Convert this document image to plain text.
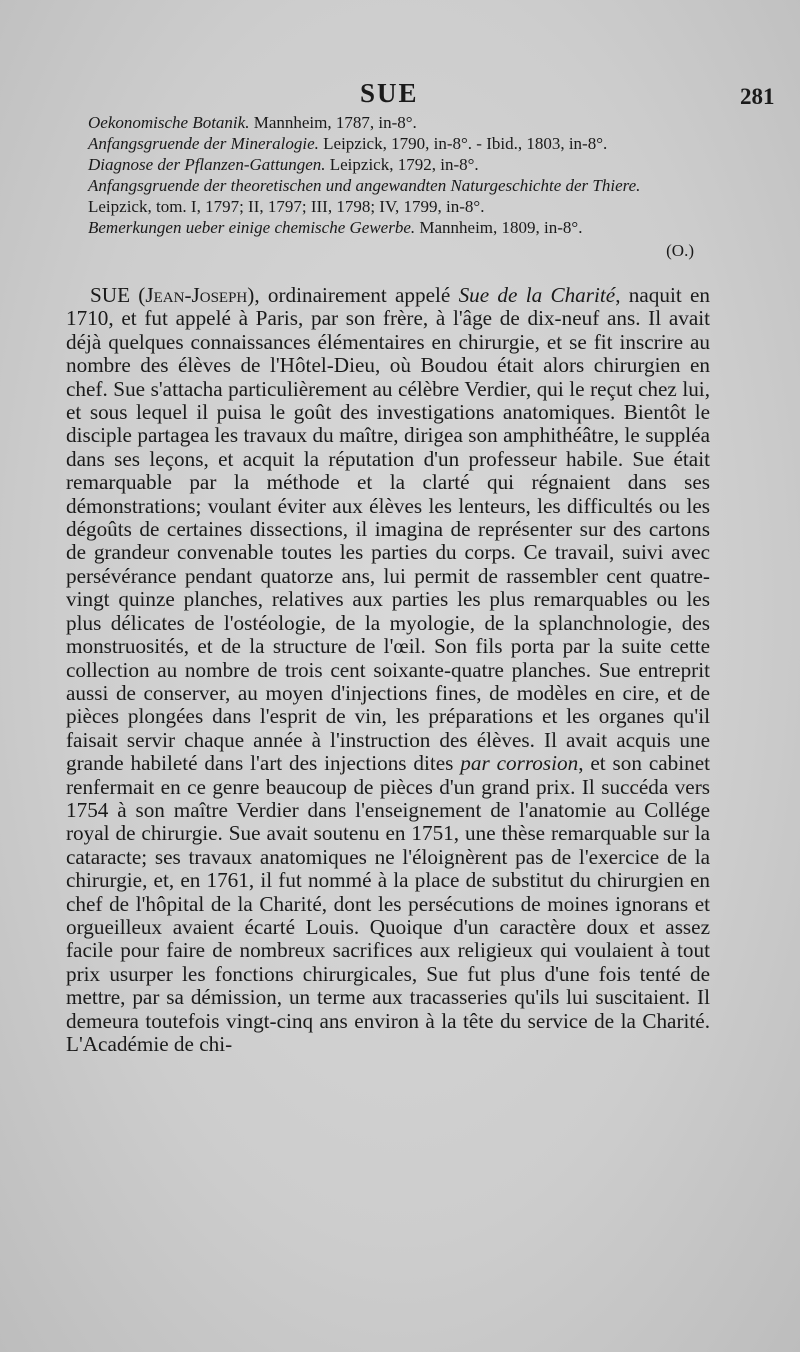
SUE	281

Oekonomische Botanik. Mannheim, 1787, in-8°.

Anfangsgruende der Mineralogie. Leipzick, 1790, in-8°. - Ibid., 1803, in-8°.

Diagnose der Pflanzen-Gattungen. Leipzick, 1792, in-8°.

Anfangsgruende der theoretischen und angewandten Naturgeschichte der Thiere. Leipzick, tom. I, 1797; II, 1797; III, 1798; IV, 1799, in-8°.

Bemerkungen ueber einige chemische Gewerbe. Mannheim, 1809, in-8°.

(O.)

SUE (Jean-Joseph), ordinairement appelé Sue de la Charité, naquit en 1710, et fut appelé à Paris, par son frère, à l'âge de dix-neuf ans. Il avait déjà quelques connaissances élémentaires en chirurgie, et se fit inscrire au nombre des élèves de l'Hôtel-Dieu, où Boudou était alors chirurgien en chef. Sue s'attacha particulièrement au célèbre Verdier, qui le reçut chez lui, et sous lequel il puisa le goût des investigations anatomiques. Bientôt le disciple partagea les travaux du maître, dirigea son amphithéâtre, le suppléa dans ses leçons, et acquit la réputation d'un professeur habile. Sue était remarquable par la méthode et la clarté qui régnaient dans ses démonstrations; voulant éviter aux élèves les lenteurs, les difficultés ou les dégoûts de certaines dissections, il imagina de représenter sur des cartons de grandeur convenable toutes les parties du corps. Ce travail, suivi avec persévérance pendant quatorze ans, lui permit de rassembler cent quatre-vingt quinze planches, relatives aux parties les plus remarquables ou les plus délicates de l'ostéologie, de la myologie, de la splanchnologie, des monstruosités, et de la structure de l'œil. Son fils porta par la suite cette collection au nombre de trois cent soixante-quatre planches. Sue entreprit aussi de conserver, au moyen d'injections fines, de modèles en cire, et de pièces plongées dans l'esprit de vin, les préparations et les organes qu'il faisait servir chaque année à l'instruction des élèves. Il avait acquis une grande habileté dans l'art des injections dites par corrosion, et son cabinet renfermait en ce genre beaucoup de pièces d'un grand prix. Il succéda vers 1754 à son maître Verdier dans l'enseignement de l'anatomie au Collége royal de chirurgie. Sue avait soutenu en 1751, une thèse remarquable sur la cataracte; ses travaux anatomiques ne l'éloignèrent pas de l'exercice de la chirurgie, et, en 1761, il fut nommé à la place de substitut du chirurgien en chef de l'hôpital de la Charité, dont les persécutions de moines ignorans et orgueilleux avaient écarté Louis. Quoique d'un caractère doux et assez facile pour faire de nombreux sacrifices aux religieux qui voulaient à tout prix usurper les fonctions chirurgicales, Sue fut plus d'une fois tenté de mettre, par sa démission, un terme aux tracasseries qu'ils lui suscitaient. Il demeura toutefois vingt-cinq ans environ à la tête du service de la Charité. L'Académie de chi-
